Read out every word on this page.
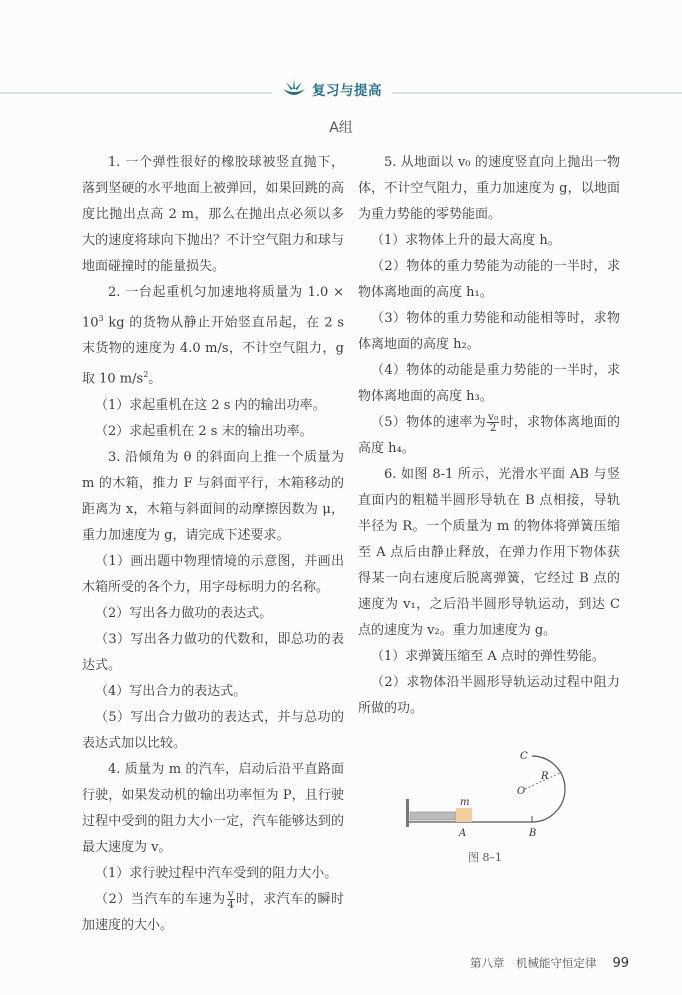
复习与提高
A组

1. 一个弹性很好的橡胶球被竖直抛下，落到坚硬的水平地面上被弹回，如果回跳的高度比抛出点高 2 m，那么在抛出点必须以多大的速度将球向下抛出？不计空气阻力和球与地面碰撞时的能量损失。

2. 一台起重机匀加速地将质量为 $1.0 \times 10^3$ kg 的货物从静止开始竖直吊起，在 2 s 末货物的速度为 4.0 m/s，不计空气阻力，g 取 10 $m/s^2$。

（1）求起重机在这 2 s 内的输出功率。

（2）求起重机在 2 s 末的输出功率。

3. 沿倾角为 θ 的斜面向上推一个质量为 m 的木箱，推力 F 与斜面平行，木箱移动的距离为 x，木箱与斜面间的动摩擦因数为 μ，重力加速度为 g，请完成下述要求。

（1）画出题中物理情境的示意图，并画出木箱所受的各个力，用字母标明力的名称。

（2）写出各力做功的表达式。

（3）写出各力做功的代数和，即总功的表达式。

（4）写出合力的表达式。

（5）写出合力做功的表达式，并与总功的表达式加以比较。

4. 质量为 m 的汽车，启动后沿平直路面行驶，如果发动机的输出功率恒为 P，且行驶过程中受到的阻力大小一定，汽车能够达到的最大速度为 v。

（1）求行驶过程中汽车受到的阻力大小。

（2）当汽车的车速为 $\frac{v}{4}$ 时，求汽车的瞬时加速度的大小。

5. 从地面以 v₀ 的速度竖直向上抛出一物体，不计空气阻力，重力加速度为 g，以地面为重力势能的零势能面。

（1）求物体上升的最大高度 h。

（2）物体的重力势能为动能的一半时，求物体离地面的高度 h₁。

（3）物体的重力势能和动能相等时，求物体离地面的高度 h₂。

（4）物体的动能是重力势能的一半时，求物体离地面的高度 h₃。

（5）物体的速率为 $\frac{\text{v₀}}{2}$ 时，求物体离地面的高度 h₄。

6. 如图 8-1 所示，光滑水平面 AB 与竖直面内的粗糙半圆形导轨在 B 点相接，导轨半径为 R。一个质量为 m 的物体将弹簧压缩至 A 点后由静止释放，在弹力作用下物体获得某一向右速度后脱离弹簧，它经过 B 点的速度为 v₁，之后沿半圆形导轨运动，到达 C 点的速度为 v₂。重力加速度为 g。

（1）求弹簧压缩至 A 点时的弹性势能。

（2）求物体沿半圆形导轨运动过程中阻力所做的功。

m
A	B
C
O
R
图 8–1
第八章　机械能守恒定律 99
